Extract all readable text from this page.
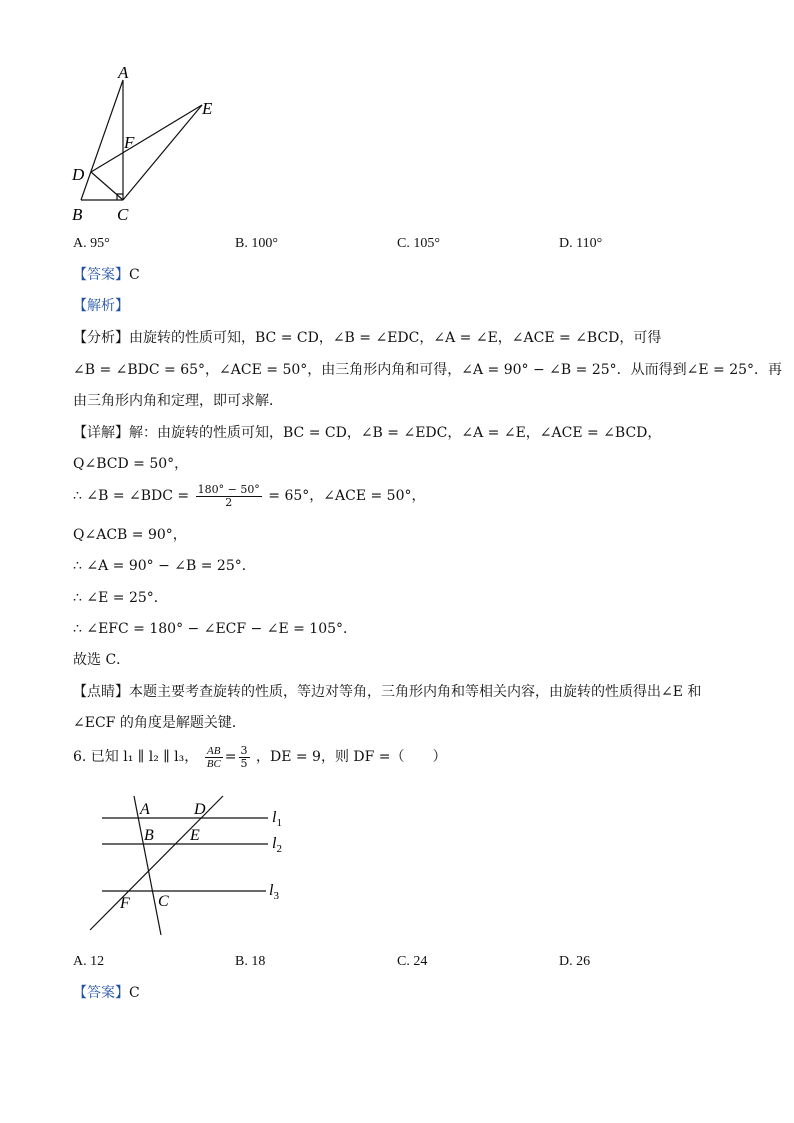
A
E
F
D
B C
A. 95°	B. 100°	C. 105°	D. 110°
【答案】C
【解析】
【分析】由旋转的性质可知，BC = CD，∠B = ∠EDC，∠A = ∠E，∠ACE = ∠BCD，可得
∠B = ∠BDC = 65°，∠ACE = 50°，由三角形内角和可得，∠A = 90° − ∠B = 25°．从而得到∠E = 25°．再
由三角形内角和定理，即可求解．
【详解】解：由旋转的性质可知，BC = CD，∠B = ∠EDC，∠A = ∠E，∠ACE = ∠BCD，
Q∠BCD = 50°，
∴ ∠B = ∠BDC = $\frac{180^\circ - 50^\circ}{2} = 65^\circ$，∠ACE = 50°，
Q∠ACB = 90°，
∴ ∠A = 90° − ∠B = 25°．
∴ ∠E = 25°．
∴ ∠EFC = 180° − ∠ECF − ∠E = 105°．
故选 C．
【点睛】本题主要考查旋转的性质，等边对等角，三角形内角和等相关内容，由旋转的性质得出∠E 和
∠ECF 的角度是解题关键．
6. 已知 l₁ ∥ l₂ ∥ l₃， $\frac{AB}{BC} = \frac{3}{5}$ ，DE = 9，则 DF =（　　）
A	D
B E
F C
$l_1$
$l_2$
$l_3$
A. 12	B. 18	C. 24	D. 26
【答案】C
